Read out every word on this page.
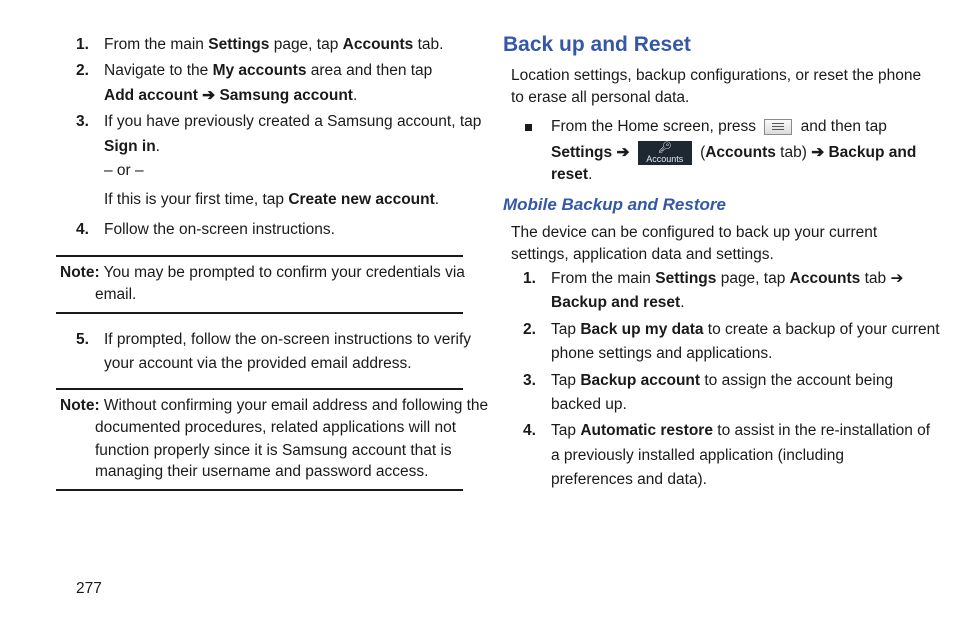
1. From the main Settings page, tap Accounts tab.
2. Navigate to the My accounts area and then tap
Add account ➔ Samsung account.
3. If you have previously created a Samsung account, tap
Sign in.
– or –
If this is your first time, tap Create new account.
4. Follow the on-screen instructions.
Note: You may be prompted to confirm your credentials via
email.
5. If prompted, follow the on-screen instructions to verify
your account via the provided email address.
Note: Without confirming your email address and following the
documented procedures, related applications will not
function properly since it is Samsung account that is
managing their username and password access.
Back up and Reset
Location settings, backup configurations, or reset the phone
to erase all personal data.
From the Home screen, press	and then tap
Settings ➔	🔑︎
Accounts (Accounts tab) ➔ Backup and
reset.
Mobile Backup and Restore
The device can be configured to back up your current
settings, application data and settings.
1. From the main Settings page, tap Accounts tab ➔
Backup and reset.
2. Tap Back up my data to create a backup of your current
phone settings and applications.
3. Tap Backup account to assign the account being
backed up.
4. Tap Automatic restore to assist in the re-installation of
a previously installed application (including
preferences and data).
277
